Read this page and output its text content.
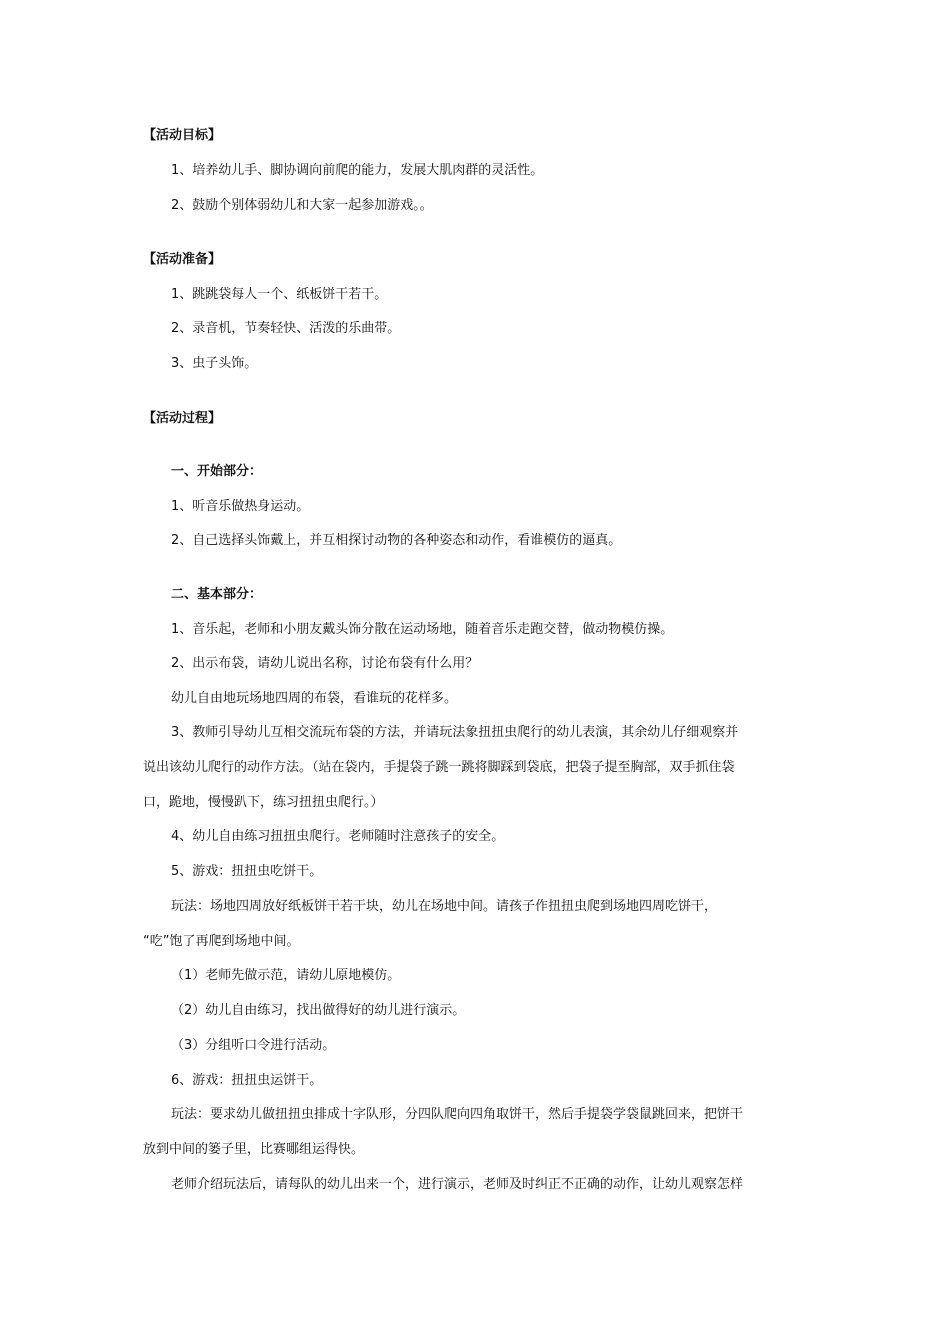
【活动目标】
1、培养幼儿手、脚协调向前爬的能力，发展大肌肉群的灵活性。
2、鼓励个别体弱幼儿和大家一起参加游戏。。
【活动准备】
1、跳跳袋每人一个、纸板饼干若干。
2、录音机，节奏轻快、活泼的乐曲带。
3、虫子头饰。
【活动过程】
一、开始部分：
1、听音乐做热身运动。
2、自己选择头饰戴上，并互相探讨动物的各种姿态和动作，看谁模仿的逼真。
二、基本部分：
1、音乐起，老师和小朋友戴头饰分散在运动场地，随着音乐走跑交替，做动物模仿操。
2、出示布袋，请幼儿说出名称，讨论布袋有什么用？
幼儿自由地玩场地四周的布袋，看谁玩的花样多。
3、教师引导幼儿互相交流玩布袋的方法，并请玩法象扭扭虫爬行的幼儿表演，其余幼儿仔细观察并
说出该幼儿爬行的动作方法。（站在袋内，手提袋子跳一跳将脚踩到袋底，把袋子提至胸部，双手抓住袋
口，跪地，慢慢趴下，练习扭扭虫爬行。）
4、幼儿自由练习扭扭虫爬行。老师随时注意孩子的安全。
5、游戏：扭扭虫吃饼干。
玩法：场地四周放好纸板饼干若干块，幼儿在场地中间。请孩子作扭扭虫爬到场地四周吃饼干，
“吃”饱了再爬到场地中间。
（1）老师先做示范，请幼儿原地模仿。
（2）幼儿自由练习，找出做得好的幼儿进行演示。
（3）分组听口令进行活动。
6、游戏：扭扭虫运饼干。
玩法：要求幼儿做扭扭虫排成十字队形，分四队爬向四角取饼干，然后手提袋学袋鼠跳回来，把饼干
放到中间的篓子里，比赛哪组运得快。
老师介绍玩法后，请每队的幼儿出来一个，进行演示，老师及时纠正不正确的动作，让幼儿观察怎样
